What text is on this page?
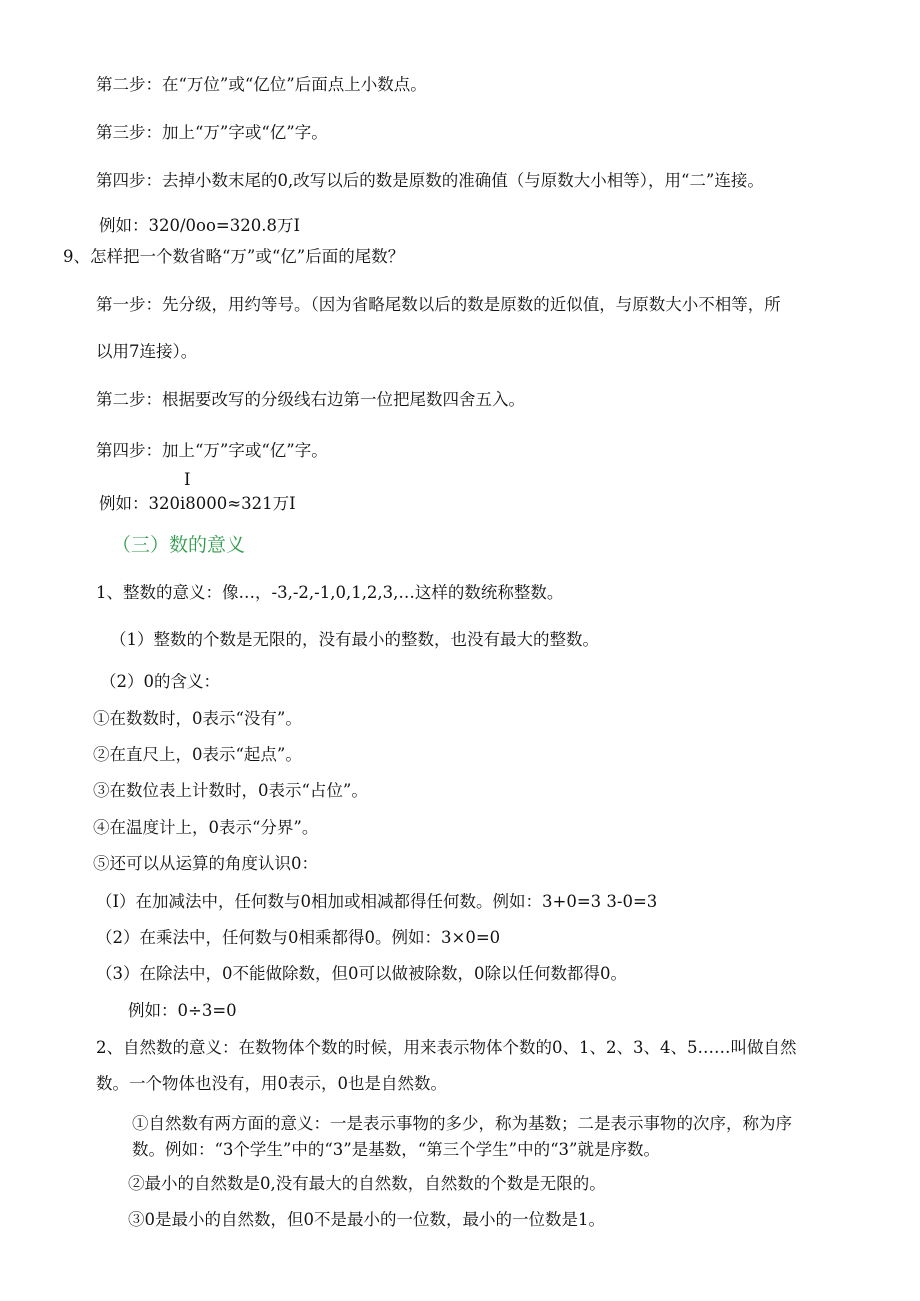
第二步：在“万位”或“亿位”后面点上小数点。
第三步：加上“万”字或“亿”字。
第四步：去掉小数末尾的0,改写以后的数是原数的准确值（与原数大小相等），用“二”连接。
例如：320/0oo=320.8万I
9、怎样把一个数省略“万”或“亿”后面的尾数？
第一步：先分级，用约等号。（因为省略尾数以后的数是原数的近似值，与原数大小不相等，所
以用7连接）。
第二步：根据要改写的分级线右边第一位把尾数四舍五入。
第四步：加上“万”字或“亿”字。
I
例如：320i8000≈321万I
（三）数的意义
1、整数的意义：像…，-3,-2,-1,0,1,2,3,…这样的数统称整数。
（1）整数的个数是无限的，没有最小的整数，也没有最大的整数。
（2）0的含义：
①在数数时，0表示“没有”。
②在直尺上，0表示“起点”。
③在数位表上计数时，0表示“占位”。
④在温度计上，0表示“分界”。
⑤还可以从运算的角度认识0：
（I）在加减法中，任何数与0相加或相减都得任何数。例如：3+0=3 3-0=3
（2）在乘法中，任何数与0相乘都得0。例如：3×0=0
（3）在除法中，0不能做除数，但0可以做被除数，0除以任何数都得0。
例如：0÷3=0
2、自然数的意义：在数物体个数的时候，用来表示物体个数的0、1、2、3、4、5……叫做自然
数。一个物体也没有，用0表示，0也是自然数。
①自然数有两方面的意义：一是表示事物的多少，称为基数；二是表示事物的次序，称为序
数。例如：“3个学生”中的“3”是基数，“第三个学生”中的“3”就是序数。
②最小的自然数是0,没有最大的自然数，自然数的个数是无限的。
③0是最小的自然数，但0不是最小的一位数，最小的一位数是1。
